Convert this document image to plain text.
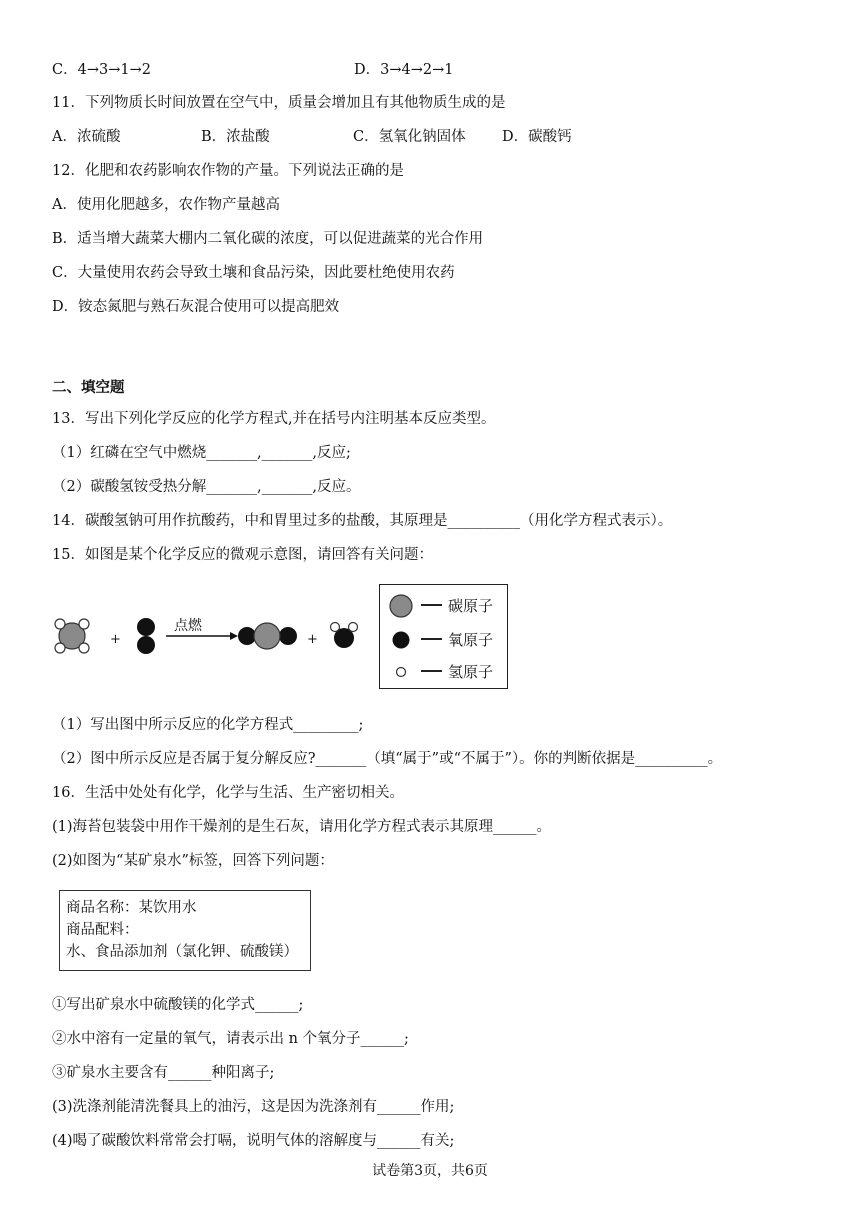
C．4→3→1→2	D．3→4→2→1
11．下列物质长时间放置在空气中，质量会增加且有其他物质生成的是
A．浓硫酸	B．浓盐酸	C．氢氧化钠固体	D．碳酸钙
12．化肥和农药影响农作物的产量。下列说法正确的是
A．使用化肥越多，农作物产量越高
B．适当增大蔬菜大棚内二氧化碳的浓度，可以促进蔬菜的光合作用
C．大量使用农药会导致土壤和食品污染，因此要杜绝使用农药
D．铵态氮肥与熟石灰混合使用可以提高肥效
二、填空题
13．写出下列化学反应的化学方程式,并在括号内注明基本反应类型。
（1）红磷在空气中燃烧_______,_______,反应;
（2）碳酸氢铵受热分解_______,_______,反应。
14．碳酸氢钠可用作抗酸药，中和胃里过多的盐酸，其原理是__________（用化学方程式表示）。
15．如图是某个化学反应的微观示意图，请回答有关问题：
+	+
点燃
碳原子
氧原子
氢原子
（1）写出图中所示反应的化学方程式_________;
（2）图中所示反应是否属于复分解反应?_______（填“属于”或“不属于”）。你的判断依据是__________。
16．生活中处处有化学，化学与生活、生产密切相关。
(1)海苔包装袋中用作干燥剂的是生石灰，请用化学方程式表示其原理______。
(2)如图为“某矿泉水”标签，回答下列问题：
商品名称：某饮用水
商品配料：
水、食品添加剂（氯化钾、硫酸镁）
①写出矿泉水中硫酸镁的化学式______;
②水中溶有一定量的氧气，请表示出 n 个氧分子______;
③矿泉水主要含有______种阳离子;
(3)洗涤剂能清洗餐具上的油污，这是因为洗涤剂有______作用;
(4)喝了碳酸饮料常常会打嗝，说明气体的溶解度与______有关;
试卷第3页，共6页
